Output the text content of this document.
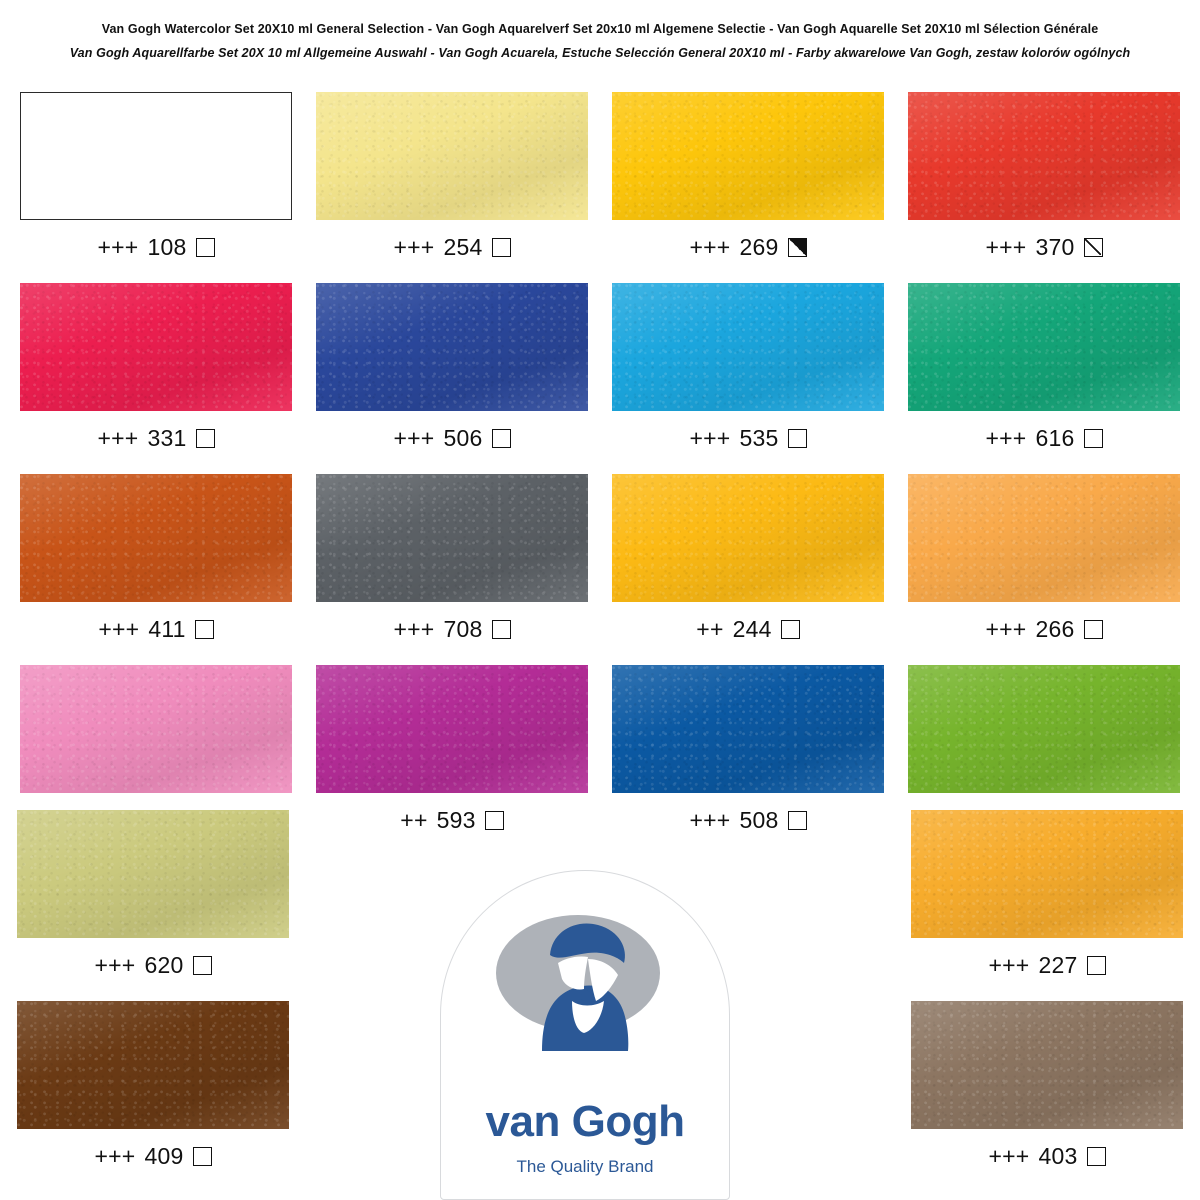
Van Gogh Watercolor Set 20X10 ml General Selection - Van Gogh Aquarelverf Set 20x10 ml Algemene Selectie - Van Gogh Aquarelle Set 20X10 ml Sélection Générale
Van Gogh Aquarellfarbe Set 20X 10 ml Allgemeine Auswahl - Van Gogh Acuarela, Estuche Selección General 20X10 ml - Farby akwarelowe Van Gogh, zestaw kolorów ogólnych
+++ 108	+++ 254	+++ 269	+++ 370
+++ 331	+++ 506	+++ 535	+++ 616
+++ 411	+++ 708	++ 244	+++ 266
++ 593	+++ 508
+++ 620
+++ 409
van Gogh
The Quality Brand
+++ 227
+++ 403
